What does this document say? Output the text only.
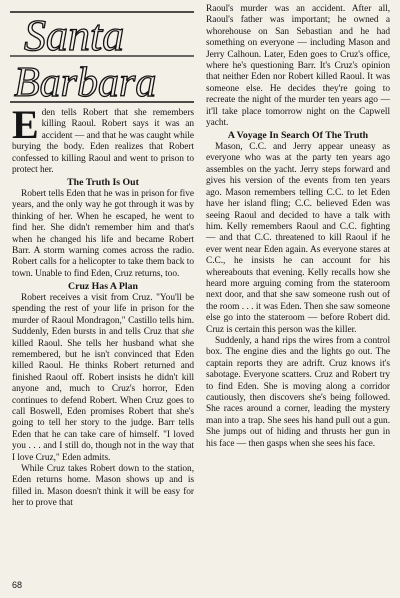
Santa
Barbara

Eden tells Robert that she remembers killing Raoul. Robert says it was an accident — and that he was caught while burying the body. Eden realizes that Robert confessed to killing Raoul and went to prison to protect her.

The Truth Is Out

Robert tells Eden that he was in prison for five years, and the only way he got through it was by thinking of her. When he escaped, he went to find her. She didn't remember him and that's when he changed his life and became Robert Barr. A storm warning comes across the radio. Robert calls for a helicopter to take them back to town. Unable to find Eden, Cruz returns, too.

Cruz Has A Plan

Robert receives a visit from Cruz. "You'll be spending the rest of your life in prison for the murder of Raoul Mondragon," Castillo tells him. Suddenly, Eden bursts in and tells Cruz that she killed Raoul. She tells her husband what she remembered, but he isn't convinced that Eden killed Raoul. He thinks Robert returned and finished Raoul off. Robert insists he didn't kill anyone and, much to Cruz's horror, Eden continues to defend Robert. When Cruz goes to call Boswell, Eden promises Robert that she's going to tell her story to the judge. Barr tells Eden that he can take care of himself. "I loved you . . . and I still do, though not in the way that I love Cruz," Eden admits.

While Cruz takes Robert down to the station, Eden returns home. Mason shows up and is filled in. Mason doesn't think it will be easy for her to prove that

Raoul's murder was an accident. After all, Raoul's father was important; he owned a whorehouse on San Sebastian and he had something on everyone — including Mason and Jerry Calhoun. Later, Eden goes to Cruz's office, where he's questioning Barr. It's Cruz's opinion that neither Eden nor Robert killed Raoul. It was someone else. He decides they're going to recreate the night of the murder ten years ago — it'll take place tomorrow night on the Capwell yacht.

A Voyage In Search Of The Truth

Mason, C.C. and Jerry appear uneasy as everyone who was at the party ten years ago assembles on the yacht. Jerry steps forward and gives his version of the events from ten years ago. Mason remembers telling C.C. to let Eden have her island fling; C.C. believed Eden was seeing Raoul and decided to have a talk with him. Kelly remembers Raoul and C.C. fighting — and that C.C. threatened to kill Raoul if he ever went near Eden again. As everyone stares at C.C., he insists he can account for his whereabouts that evening. Kelly recalls how she heard more arguing coming from the stateroom next door, and that she saw someone rush out of the room . . . it was Eden. Then she saw someone else go into the stateroom — before Robert did. Cruz is certain this person was the killer.

Suddenly, a hand rips the wires from a control box. The engine dies and the lights go out. The captain reports they are adrift. Cruz knows it's sabotage. Everyone scatters. Cruz and Robert try to find Eden. She is moving along a corridor cautiously, then discovers she's being followed. She races around a corner, leading the mystery man into a trap. She sees his hand pull out a gun. She jumps out of hiding and thrusts her gun in his face — then gasps when she sees his face.

68
